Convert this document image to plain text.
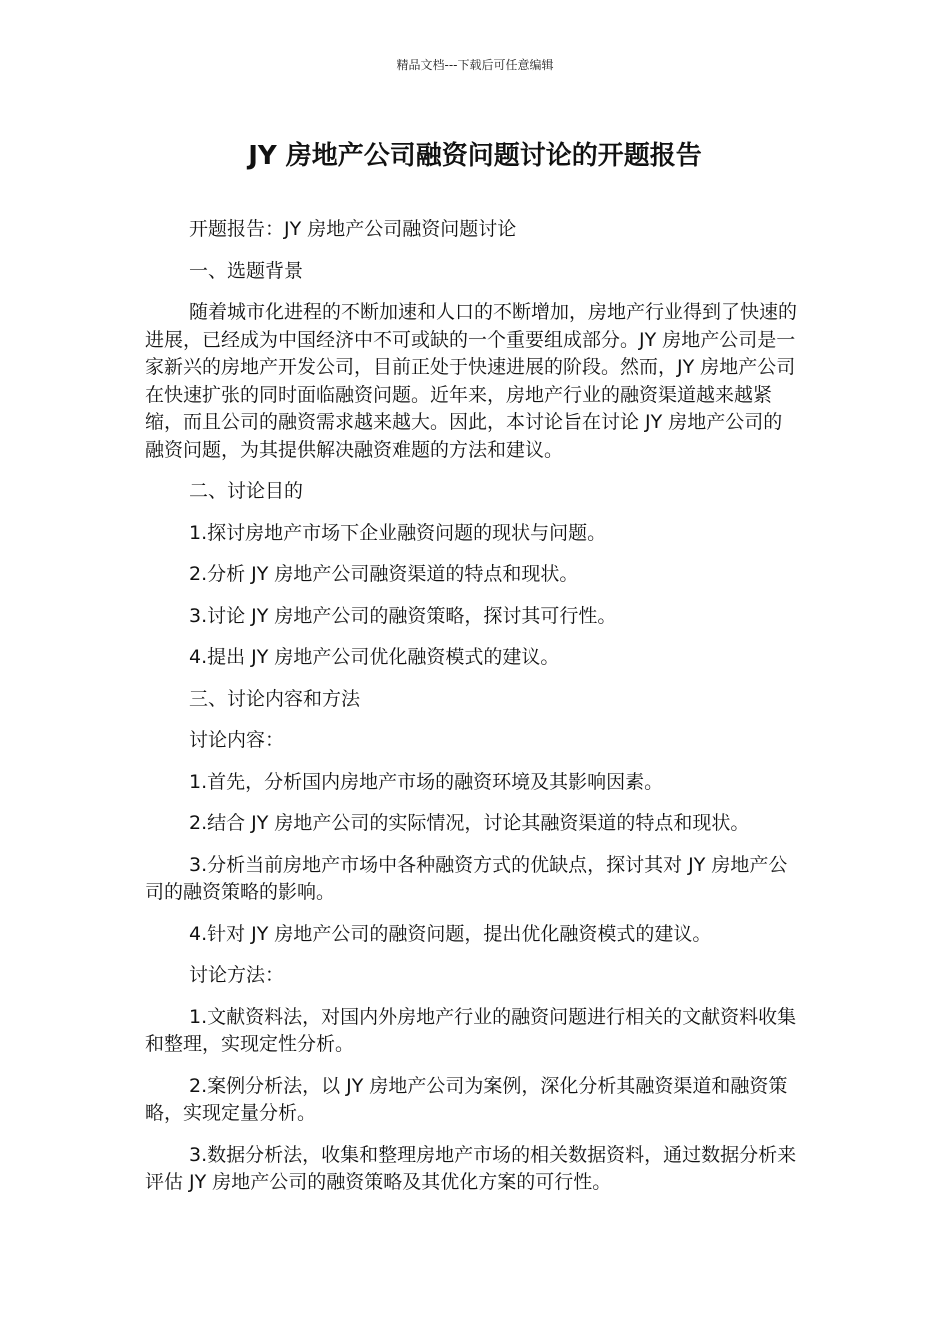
精品文档---下载后可任意编辑
JY 房地产公司融资问题讨论的开题报告

开题报告：JY 房地产公司融资问题讨论

一、选题背景

随着城市化进程的不断加速和人口的不断增加，房地产行业得到了快速的进展，已经成为中国经济中不可或缺的一个重要组成部分。JY 房地产公司是一家新兴的房地产开发公司，目前正处于快速进展的阶段。然而，JY 房地产公司在快速扩张的同时面临融资问题。近年来，房地产行业的融资渠道越来越紧缩，而且公司的融资需求越来越大。因此，本讨论旨在讨论 JY 房地产公司的融资问题，为其提供解决融资难题的方法和建议。

二、讨论目的

1.探讨房地产市场下企业融资问题的现状与问题。

2.分析 JY 房地产公司融资渠道的特点和现状。

3.讨论 JY 房地产公司的融资策略，探讨其可行性。

4.提出 JY 房地产公司优化融资模式的建议。

三、讨论内容和方法

讨论内容：

1.首先，分析国内房地产市场的融资环境及其影响因素。

2.结合 JY 房地产公司的实际情况，讨论其融资渠道的特点和现状。

3.分析当前房地产市场中各种融资方式的优缺点，探讨其对 JY 房地产公司的融资策略的影响。

4.针对 JY 房地产公司的融资问题，提出优化融资模式的建议。

讨论方法：

1.文献资料法，对国内外房地产行业的融资问题进行相关的文献资料收集和整理，实现定性分析。

2.案例分析法，以 JY 房地产公司为案例，深化分析其融资渠道和融资策略，实现定量分析。

3.数据分析法，收集和整理房地产市场的相关数据资料，通过数据分析来评估 JY 房地产公司的融资策略及其优化方案的可行性。
